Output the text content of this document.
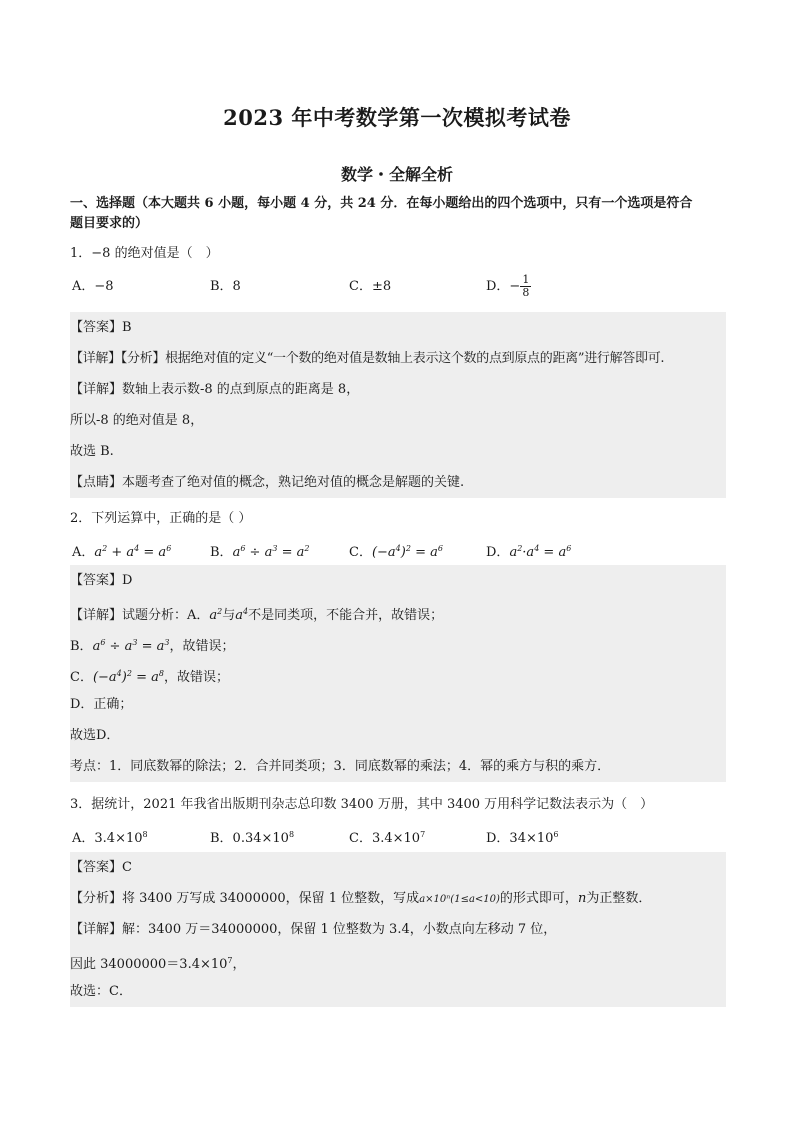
2023 年中考数学第一次模拟考试卷
数学・全解全析
一、选择题（本大题共 6 小题，每小题 4 分，共 24 分．在每小题给出的四个选项中，只有一个选项是符合
题目要求的）
1．−8 的绝对值是（　）
A．−8	B．8	C．±8	D．− $\frac{1}{8}$
【答案】B
【详解】【分析】根据绝对值的定义“一个数的绝对值是数轴上表示这个数的点到原点的距离”进行解答即可.
【详解】数轴上表示数-8 的点到原点的距离是 8，
所以-8 的绝对值是 8，
故选 B.
【点睛】本题考查了绝对值的概念，熟记绝对值的概念是解题的关键.
2．下列运算中，正确的是（ ）
A．$a^2 + a^4 = a^6$	B．$a^6 \div a^3 = a^2$	C．$(-a^4)^2 = a^6$	D．$a^2\cdot a^4 = a^6$
【答案】D
【详解】试题分析：A．$a^2$与$a^4$不是同类项，不能合并，故错误；
B．$a^6 \div a^3 = a^3$，故错误；
C．$(-a^4)^2 = a^8$，故错误；
D．正确；
故选D．
考点：1．同底数幂的除法；2．合并同类项；3．同底数幂的乘法；4．幂的乘方与积的乘方．
3．据统计，2021 年我省出版期刊杂志总印数 3400 万册，其中 3400 万用科学记数法表示为（　）
A．$3.4\times 10^8$	B．$0.34\times 10^8$	C．$3.4\times 10^7$	D．$34\times 10^6$
【答案】C
【分析】将 3400 万写成 34000000，保留 1 位整数，写成a×10ⁿ(1≤a<10)的形式即可，n为正整数．
【详解】解：3400 万＝34000000，保留 1 位整数为 3.4，小数点向左移动 7 位，
因此 $34000000=3.4\times 10^7$，
故选：C．
